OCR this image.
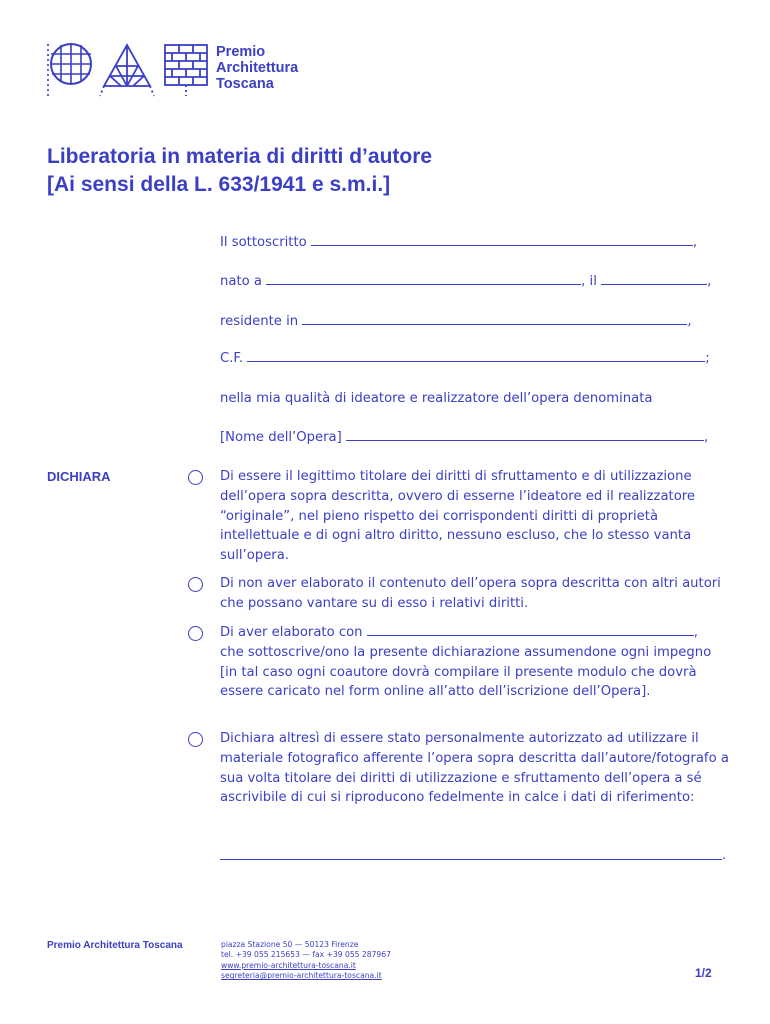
Premio
Architettura
Toscana
Liberatoria in materia di diritti d’autore
[Ai sensi della L. 633/1941 e s.m.i.]
Il sottoscritto	,
nato a	, il	,
residente in	,
C.F.	;
nella mia qualità di ideatore e realizzatore dell’opera denominata
[Nome dell’Opera]	,
DICHIARA	Di essere il legittimo titolare dei diritti di sfruttamento e di utilizzazione dell’opera sopra descritta, ovvero di esserne l’ideatore ed il realizzatore “originale”, nel pieno rispetto dei corrispondenti diritti di proprietà intellettuale e di ogni altro diritto, nessuno escluso, che lo stesso vanta sull’opera.
Di non aver elaborato il contenuto dell’opera sopra descritta con altri autori che possano vantare su di esso i relativi diritti.
Di aver elaborato con	,
che sottoscrive/ono la presente dichiarazione assumendone ogni impegno [in tal caso ogni coautore dovrà compilare il presente modulo che dovrà essere caricato nel form online all’atto dell’iscrizione dell’Opera].
Dichiara altresì di essere stato personalmente autorizzato ad utilizzare il materiale fotografico afferente l’opera sopra descritta dall’autore/fotografo a sua volta titolare dei diritti di utilizzazione e sfruttamento dell’opera a sé ascrivibile di cui si riproducono fedelmente in calce i dati di riferimento:
.
Premio Architettura Toscana	piazza Stazione 50 — 50123 Firenze
tel. +39 055 215653 — fax +39 055 287967
www.premio-architettura-toscana.it
segreteria@premio-architettura-toscana.it	1/2
